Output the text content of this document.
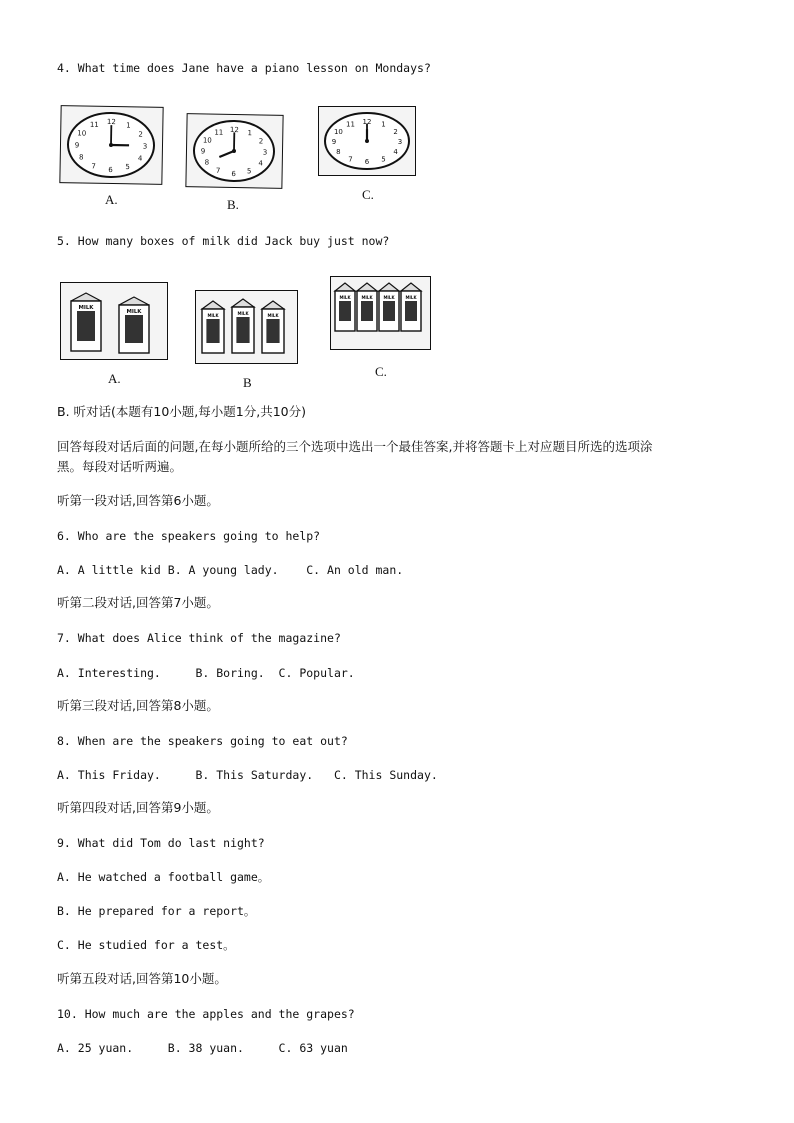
4. What time does Jane have a piano lesson on Mondays?
12 1
2
3
4
5
6
7
8
9
10
11
12 1
2
3
4
5
6
7
8
9
10
11
12 1
2
3
4
5
6
7
8
9
10
11
A.	B.
C.
5. How many boxes of milk did Jack buy just now?
MILK
MILK
MILK	MILK	MILK
MILK	MILK	MILK	MILK
A.	B
C.
B. 听对话(本题有10小题,每小题1分,共10分)
回答每段对话后面的问题,在每小题所给的三个选项中选出一个最佳答案,并将答题卡上对应题目所选的选项涂
黑。每段对话听两遍。
听第一段对话,回答第6小题。
6. Who are the speakers going to help?
A. A little kid B. A young lady.    C. An old man.
听第二段对话,回答第7小题。
7. What does Alice think of the magazine?
A. Interesting.     B. Boring.  C. Popular.
听第三段对话,回答第8小题。
8. When are the speakers going to eat out?
A. This Friday.     B. This Saturday.   C. This Sunday.
听第四段对话,回答第9小题。
9. What did Tom do last night?
A. He watched a football game。
B. He prepared for a report。
C. He studied for a test。
听第五段对话,回答第10小题。
10. How much are the apples and the grapes?
A. 25 yuan.     B. 38 yuan.     C. 63 yuan
